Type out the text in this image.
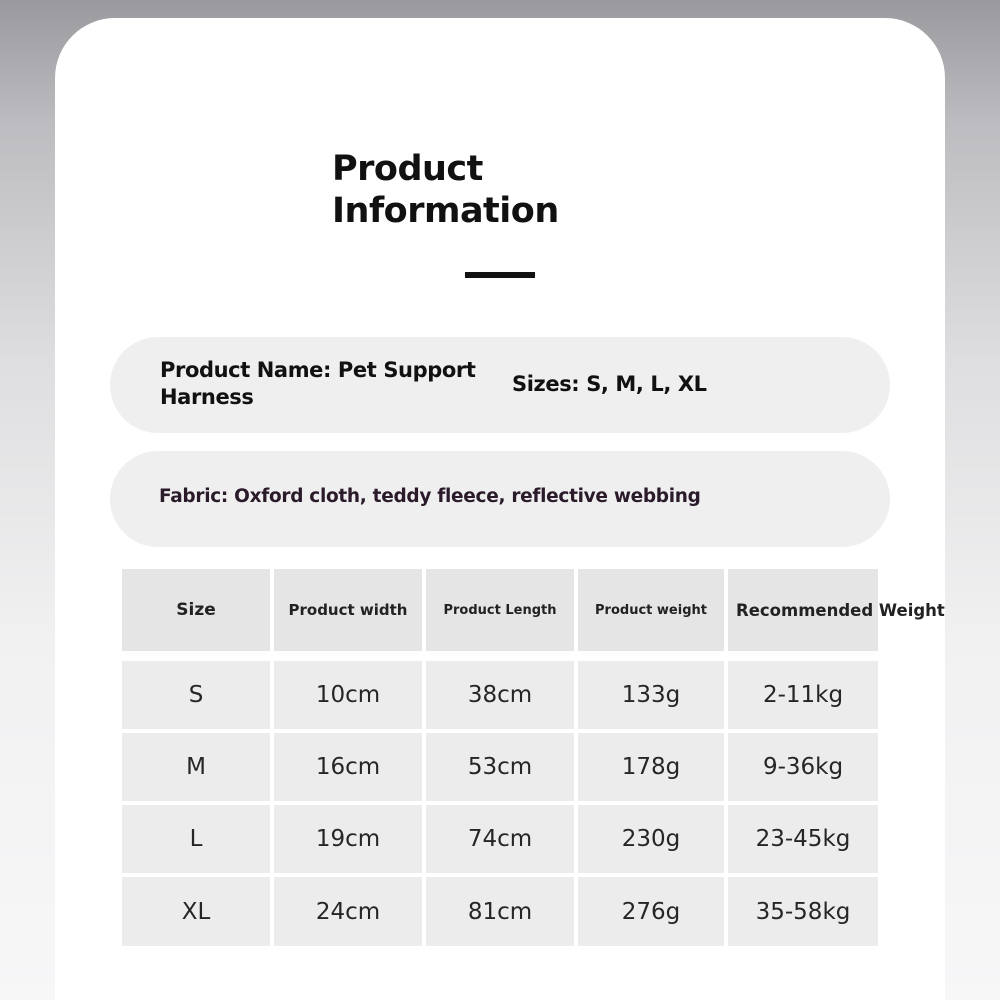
Product
Information
Product Name: Pet Support Harness
Sizes: S, M, L, XL
Fabric: Oxford cloth, teddy fleece, reflective webbing
Size	Product width	Product Length	Product weight	Recommended Weight
S	10cm	38cm	133g	2-11kg
M	16cm	53cm	178g	9-36kg
L	19cm	74cm	230g	23-45kg
XL	24cm	81cm	276g	35-58kg
